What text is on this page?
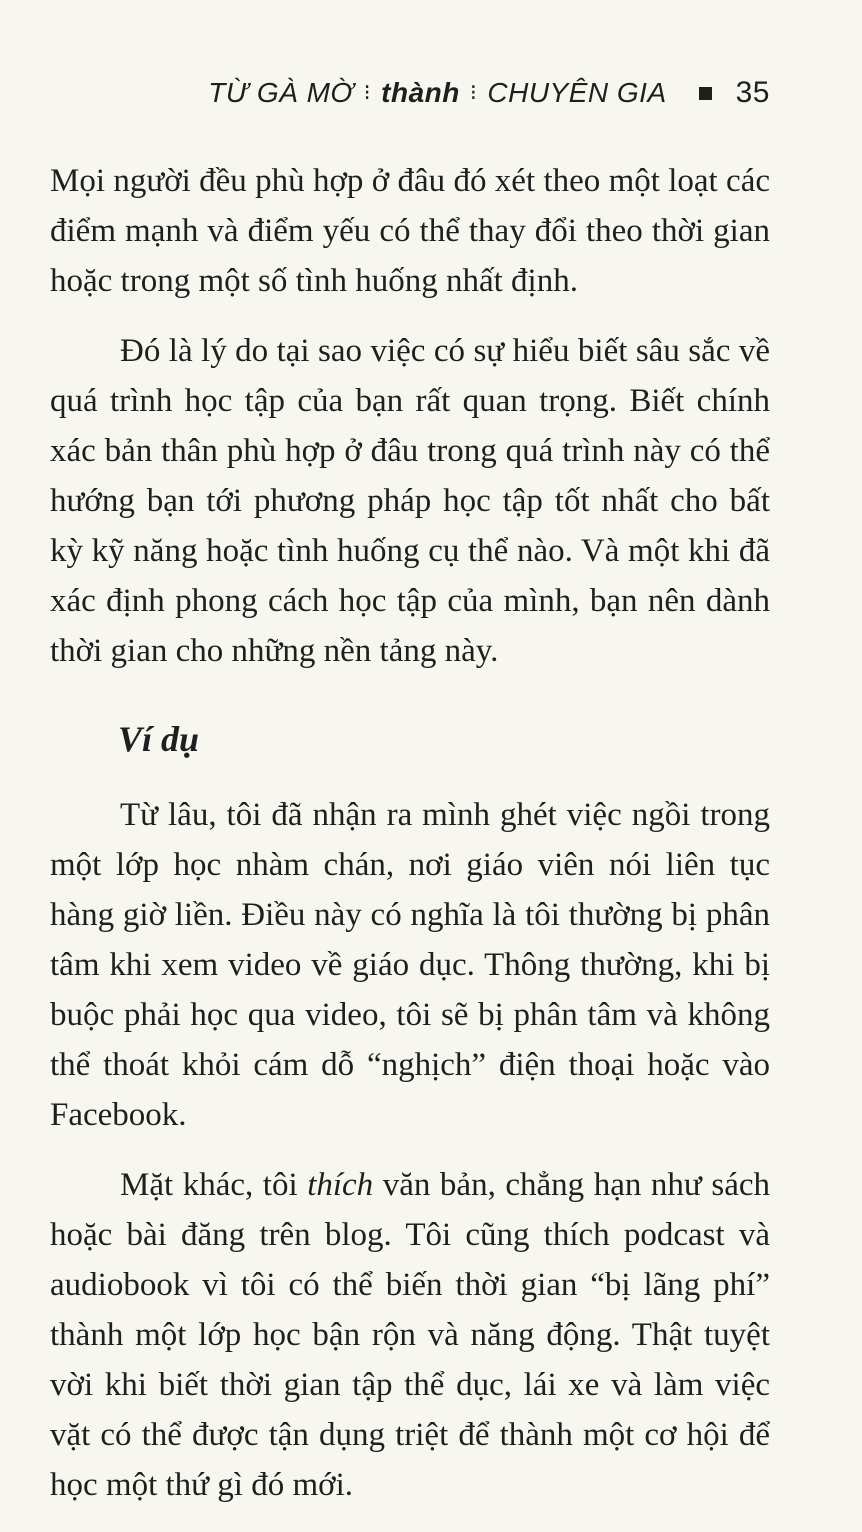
TỪ GÀ MỜ ⁝ thành ⁝ CHUYÊN GIA 35

Mọi người đều phù hợp ở đâu đó xét theo một loạt các điểm mạnh và điểm yếu có thể thay đổi theo thời gian hoặc trong một số tình huống nhất định.

Đó là lý do tại sao việc có sự hiểu biết sâu sắc về quá trình học tập của bạn rất quan trọng. Biết chính xác bản thân phù hợp ở đâu trong quá trình này có thể hướng bạn tới phương pháp học tập tốt nhất cho bất kỳ kỹ năng hoặc tình huống cụ thể nào. Và một khi đã xác định phong cách học tập của mình, bạn nên dành thời gian cho những nền tảng này.

Ví dụ

Từ lâu, tôi đã nhận ra mình ghét việc ngồi trong một lớp học nhàm chán, nơi giáo viên nói liên tục hàng giờ liền. Điều này có nghĩa là tôi thường bị phân tâm khi xem video về giáo dục. Thông thường, khi bị buộc phải học qua video, tôi sẽ bị phân tâm và không thể thoát khỏi cám dỗ “nghịch” điện thoại hoặc vào Facebook.

Mặt khác, tôi thích văn bản, chẳng hạn như sách hoặc bài đăng trên blog. Tôi cũng thích podcast và audiobook vì tôi có thể biến thời gian “bị lãng phí” thành một lớp học bận rộn và năng động. Thật tuyệt vời khi biết thời gian tập thể dục, lái xe và làm việc vặt có thể được tận dụng triệt để thành một cơ hội để học một thứ gì đó mới.
